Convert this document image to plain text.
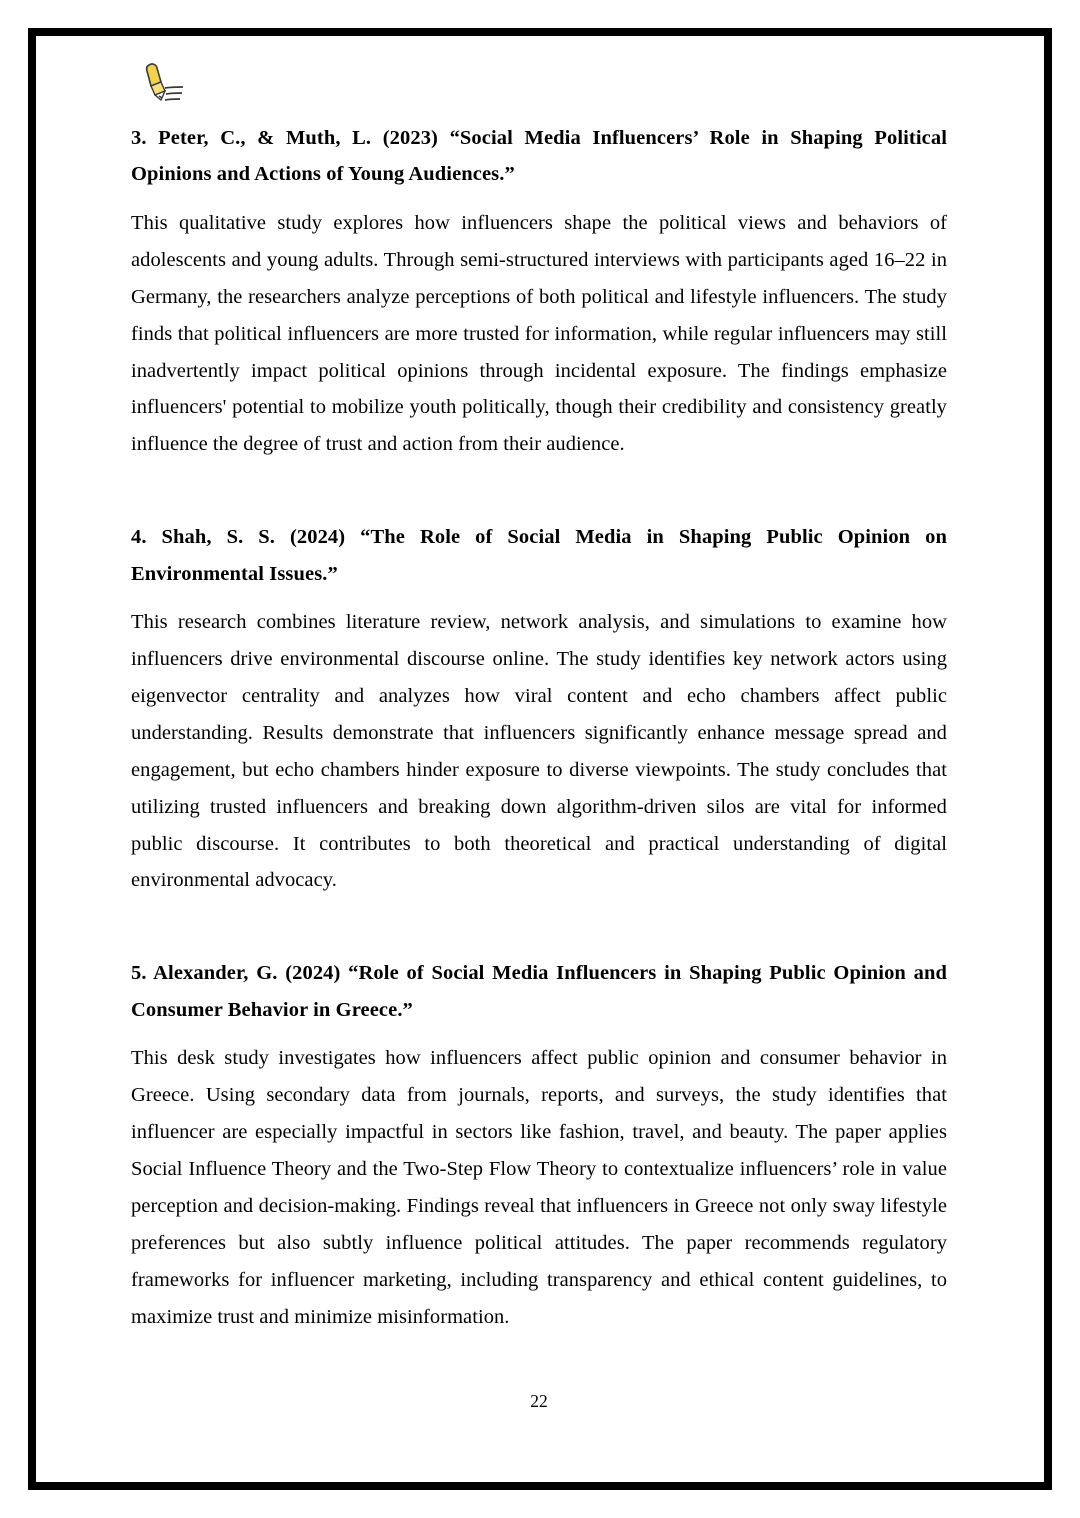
3. Peter, C., & Muth, L. (2023) “Social Media Influencers’ Role in Shaping Political Opinions and Actions of Young Audiences.”
This qualitative study explores how influencers shape the political views and behaviors of adolescents and young adults. Through semi-structured interviews with participants aged 16–22 in Germany, the researchers analyze perceptions of both political and lifestyle influencers. The study finds that political influencers are more trusted for information, while regular influencers may still inadvertently impact political opinions through incidental exposure. The findings emphasize influencers' potential to mobilize youth politically, though their credibility and consistency greatly influence the degree of trust and action from their audience.
4. Shah, S. S. (2024) “The Role of Social Media in Shaping Public Opinion on Environmental Issues.”
This research combines literature review, network analysis, and simulations to examine how influencers drive environmental discourse online. The study identifies key network actors using eigenvector centrality and analyzes how viral content and echo chambers affect public understanding. Results demonstrate that influencers significantly enhance message spread and engagement, but echo chambers hinder exposure to diverse viewpoints. The study concludes that utilizing trusted influencers and breaking down algorithm-driven silos are vital for informed public discourse. It contributes to both theoretical and practical understanding of digital environmental advocacy.
5. Alexander, G. (2024) “Role of Social Media Influencers in Shaping Public Opinion and Consumer Behavior in Greece.”
This desk study investigates how influencers affect public opinion and consumer behavior in Greece. Using secondary data from journals, reports, and surveys, the study identifies that influencer are especially impactful in sectors like fashion, travel, and beauty. The paper applies Social Influence Theory and the Two-Step Flow Theory to contextualize influencers’ role in value perception and decision-making. Findings reveal that influencers in Greece not only sway lifestyle preferences but also subtly influence political attitudes. The paper recommends regulatory frameworks for influencer marketing, including transparency and ethical content guidelines, to maximize trust and minimize misinformation.
22
